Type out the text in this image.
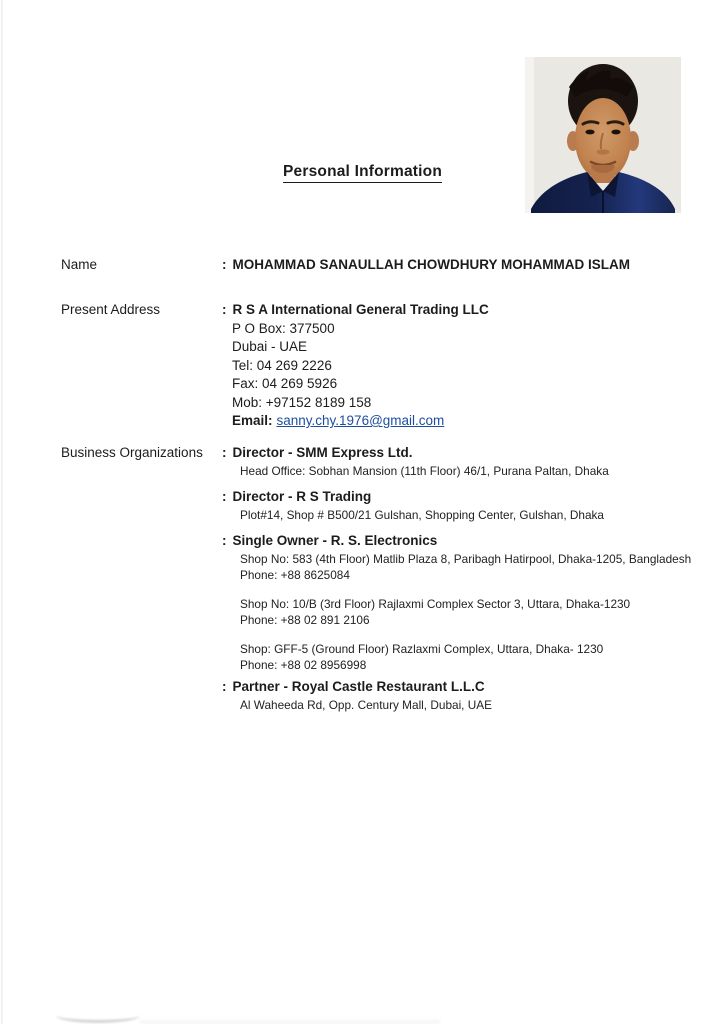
Personal Information
Name	: MOHAMMAD SANAULLAH CHOWDHURY MOHAMMAD ISLAM
Present Address	: R S A International General Trading LLC
P O Box: 377500
Dubai - UAE
Tel: 04 269 2226
Fax: 04 269 5926
Mob: +97152 8189 158
Email: sanny.chy.1976@gmail.com
Business Organizations	: Director - SMM Express Ltd.
Head Office: Sobhan Mansion (11th Floor) 46/1, Purana Paltan, Dhaka
: Director - R S Trading
Plot#14, Shop # B500/21 Gulshan, Shopping Center, Gulshan, Dhaka
: Single Owner - R. S. Electronics
Shop No: 583 (4th Floor) Matlib Plaza 8, Paribagh Hatirpool, Dhaka-1205, Bangladesh
Phone: +88 8625084
Shop No: 10/B (3rd Floor) Rajlaxmi Complex Sector 3, Uttara, Dhaka-1230
Phone: +88 02 891 2106
Shop: GFF-5 (Ground Floor) Razlaxmi Complex, Uttara, Dhaka- 1230
Phone: +88 02 8956998
: Partner - Royal Castle Restaurant L.L.C
Al Waheeda Rd, Opp. Century Mall, Dubai, UAE
